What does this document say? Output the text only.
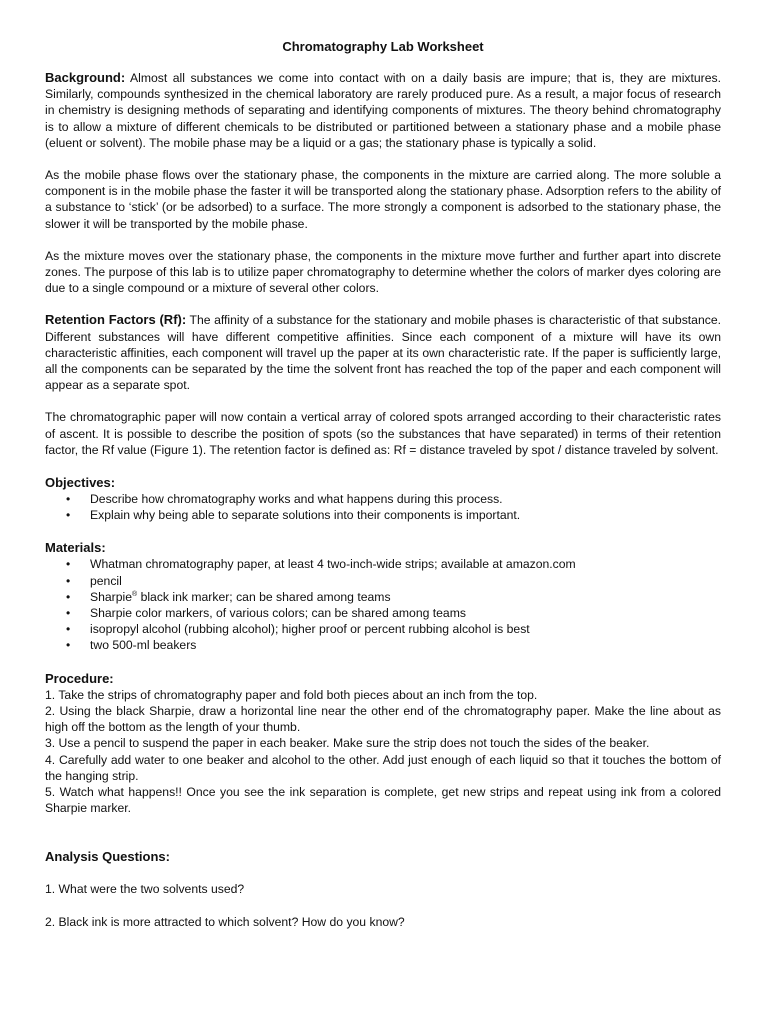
Chromatography Lab Worksheet

Background: Almost all substances we come into contact with on a daily basis are impure; that is, they are mixtures. Similarly, compounds synthesized in the chemical laboratory are rarely produced pure. As a result, a major focus of research in chemistry is designing methods of separating and identifying components of mixtures. The theory behind chromatography is to allow a mixture of different chemicals to be distributed or partitioned between a stationary phase and a mobile phase (eluent or solvent). The mobile phase may be a liquid or a gas; the stationary phase is typically a solid.

As the mobile phase flows over the stationary phase, the components in the mixture are carried along. The more soluble a component is in the mobile phase the faster it will be transported along the stationary phase. Adsorption refers to the ability of a substance to ‘stick’ (or be adsorbed) to a surface. The more strongly a component is adsorbed to the stationary phase, the slower it will be transported by the mobile phase.

As the mixture moves over the stationary phase, the components in the mixture move further and further apart into discrete zones. The purpose of this lab is to utilize paper chromatography to determine whether the colors of marker dyes coloring are due to a single compound or a mixture of several other colors.

Retention Factors (Rf): The affinity of a substance for the stationary and mobile phases is characteristic of that substance. Different substances will have different competitive affinities. Since each component of a mixture will have its own characteristic affinities, each component will travel up the paper at its own characteristic rate. If the paper is sufficiently large, all the components can be separated by the time the solvent front has reached the top of the paper and each component will appear as a separate spot.

The chromatographic paper will now contain a vertical array of colored spots arranged according to their characteristic rates of ascent. It is possible to describe the position of spots (so the substances that have separated) in terms of their retention factor, the Rf value (Figure 1). The retention factor is defined as: Rf = distance traveled by spot / distance traveled by solvent.

Objectives:
• Describe how chromatography works and what happens during this process.
• Explain why being able to separate solutions into their components is important.
Materials:
• Whatman chromatography paper, at least 4 two-inch-wide strips; available at amazon.com
• pencil
• Sharpie® black ink marker; can be shared among teams
• Sharpie color markers, of various colors; can be shared among teams
• isopropyl alcohol (rubbing alcohol); higher proof or percent rubbing alcohol is best
• two 500-ml beakers
Procedure:

1. Take the strips of chromatography paper and fold both pieces about an inch from the top.

2. Using the black Sharpie, draw a horizontal line near the other end of the chromatography paper. Make the line about as high off the bottom as the length of your thumb.

3. Use a pencil to suspend the paper in each beaker. Make sure the strip does not touch the sides of the beaker.

4. Carefully add water to one beaker and alcohol to the other. Add just enough of each liquid so that it touches the bottom of the hanging strip.

5. Watch what happens!! Once you see the ink separation is complete, get new strips and repeat using ink from a colored Sharpie marker.

Analysis Questions:

1. What were the two solvents used?

2. Black ink is more attracted to which solvent? How do you know?
